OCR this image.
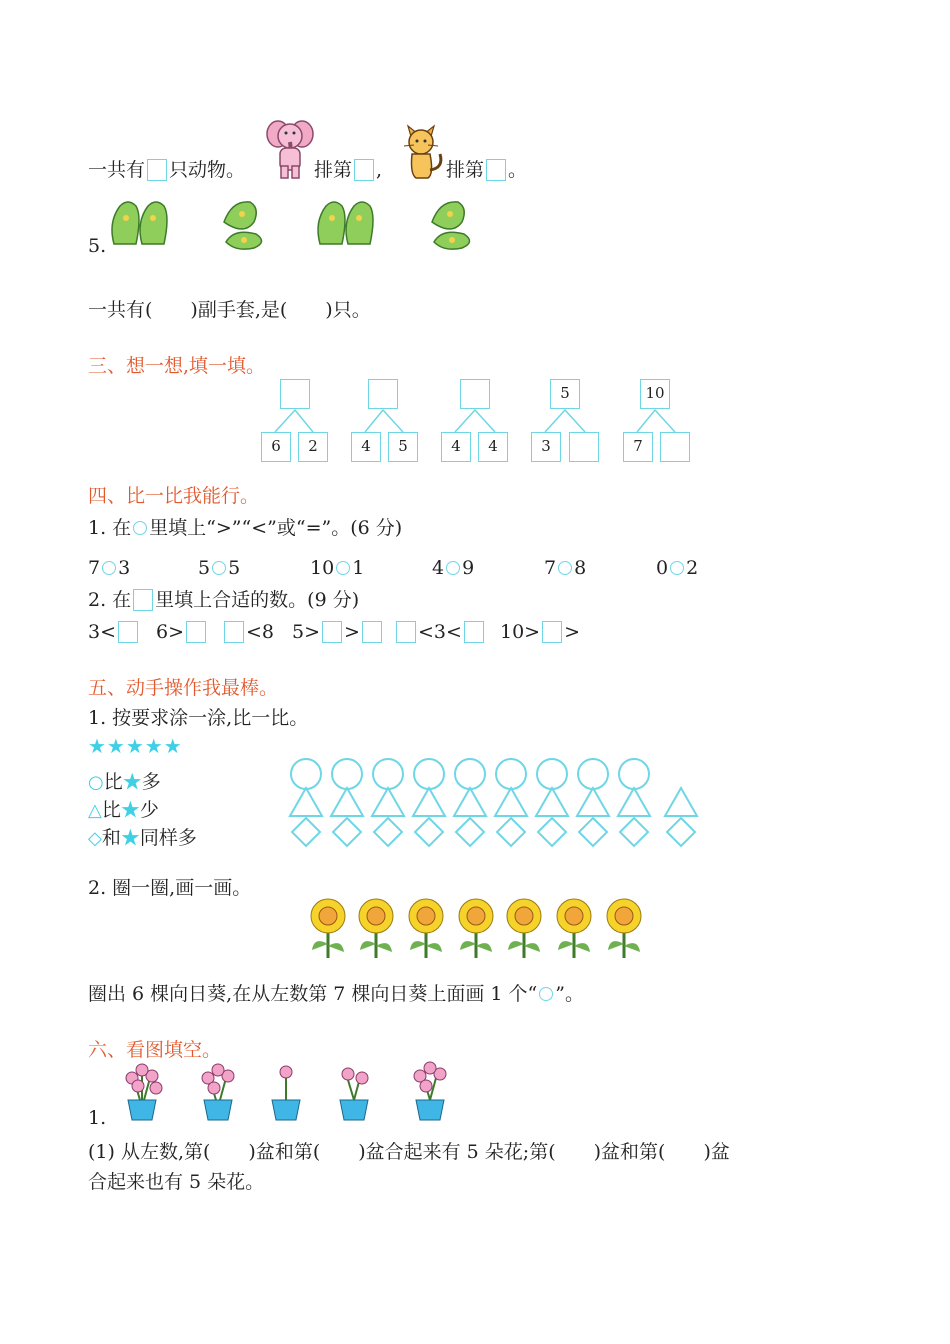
一共有 只动物。	排第 ,	排第 。
5.
一共有(　　)副手套,是(　　)只。
三、想一想,填一填。
6	2	4	5	4	4
5
3
10
7
四、比一比我能行。
1. 在 里填上“>”“<”或“=”。(6 分)
7 3	5 5	10 1	4 9	7 8	0 2
2. 在 里填上合适的数。(9 分)
3<	6>	<8 5> >	<3<	10> >
五、动手操作我最棒。
1. 按要求涂一涂,比一比。
★★★★★
○比★多
△比★少
◇和★同样多
2. 圈一圈,画一画。
圈出 6 棵向日葵,在从左数第 7 棵向日葵上面画 1 个“ ”。
六、看图填空。
1.
(1) 从左数,第(　　)盆和第(　　)盆合起来有 5 朵花;第(　　)盆和第(　　)盆
合起来也有 5 朵花。
